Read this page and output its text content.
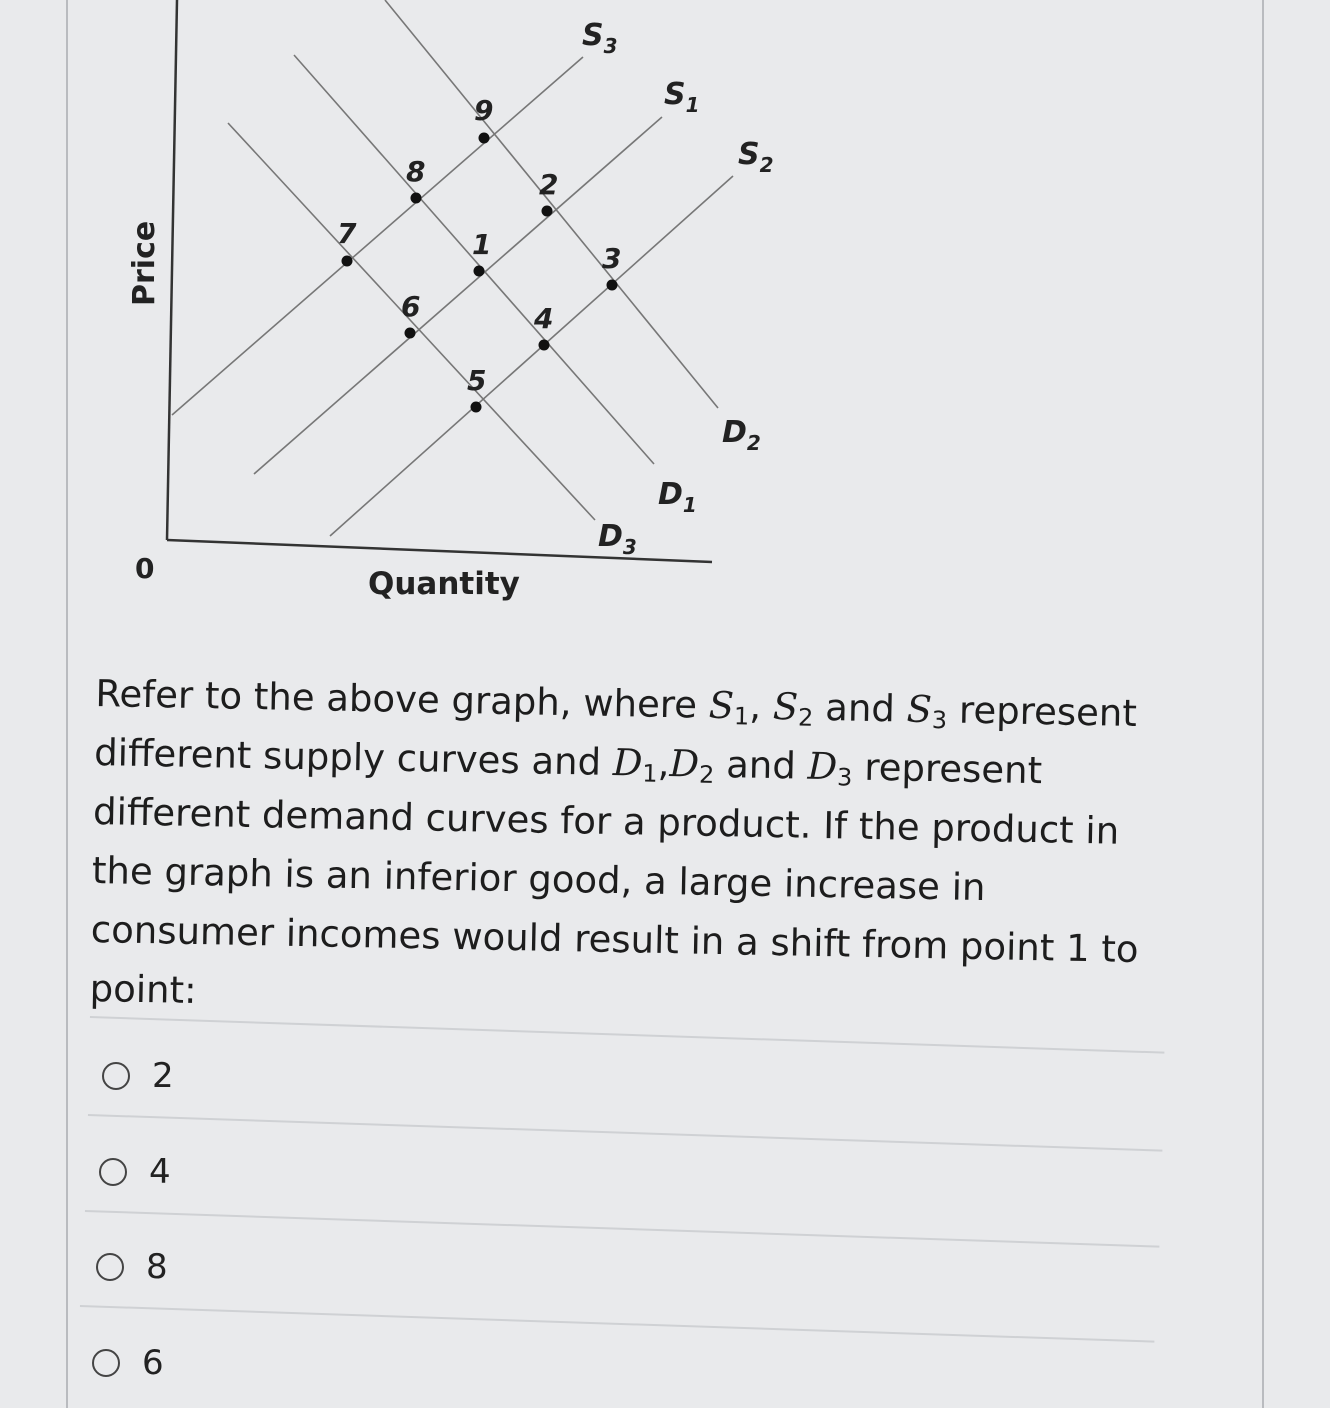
$S_3$
$S_1$
$S_2$
$D_2$
$D_1$
$D_3$
9
8	2
7	1	3
6	4
5
Price
Quantity
0
Refer to the above graph, where $S_1$, $S_2$ and $S_3$ represent different supply curves and $D_1,D_2$ and $D_3$ represent different demand curves for a product. If the product in the graph is an inferior good, a large increase in consumer incomes would result in a shift from point 1 to point:
2
4
8
6
